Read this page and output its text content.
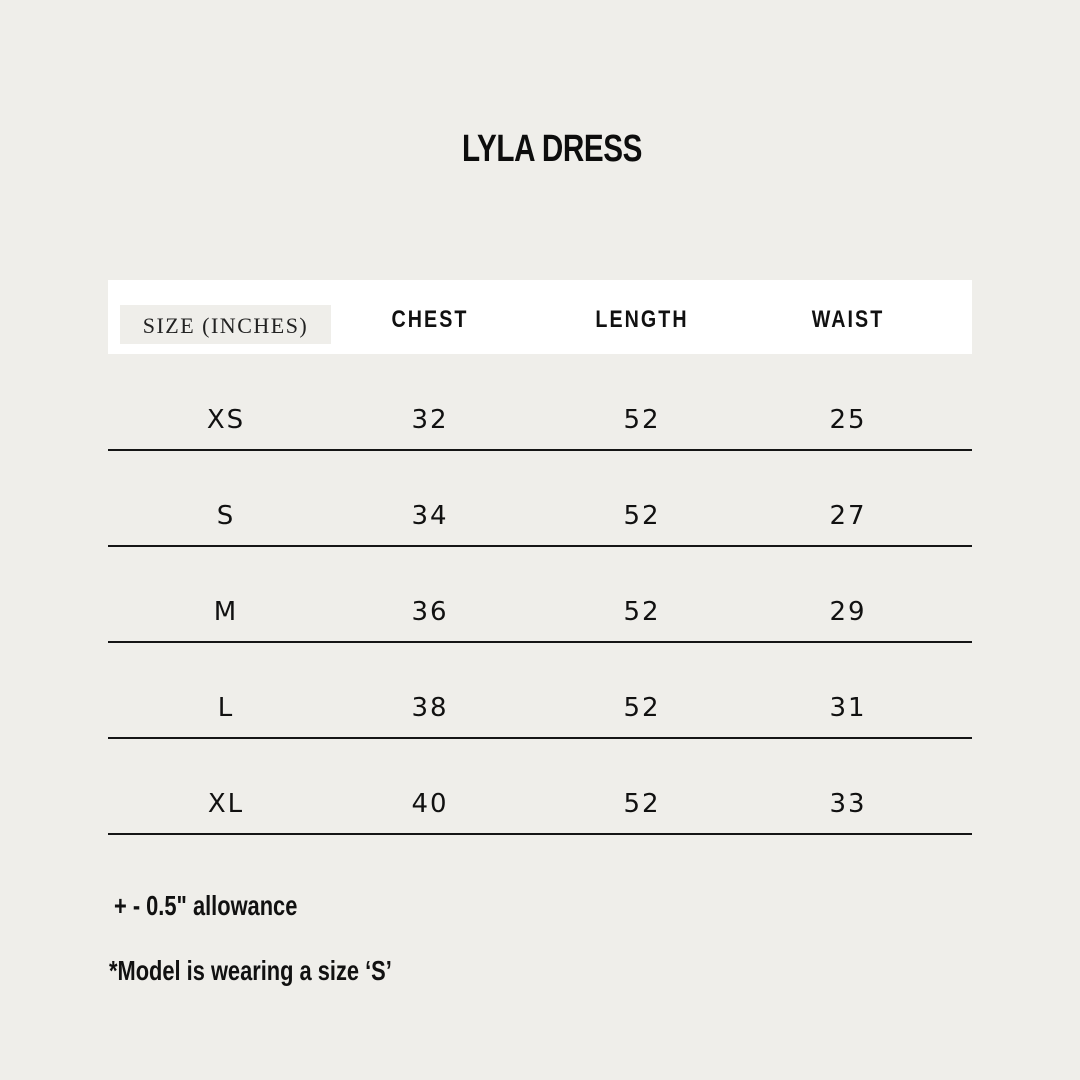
LYLA DRESS
SIZE (INCHES)	CHEST	LENGTH	WAIST
XS	32	52	25
S	34	52	27
M	36	52	29
L	38	52	31
XL	40	52	33
+ - 0.5" allowance
*Model is wearing a size ‘S’
